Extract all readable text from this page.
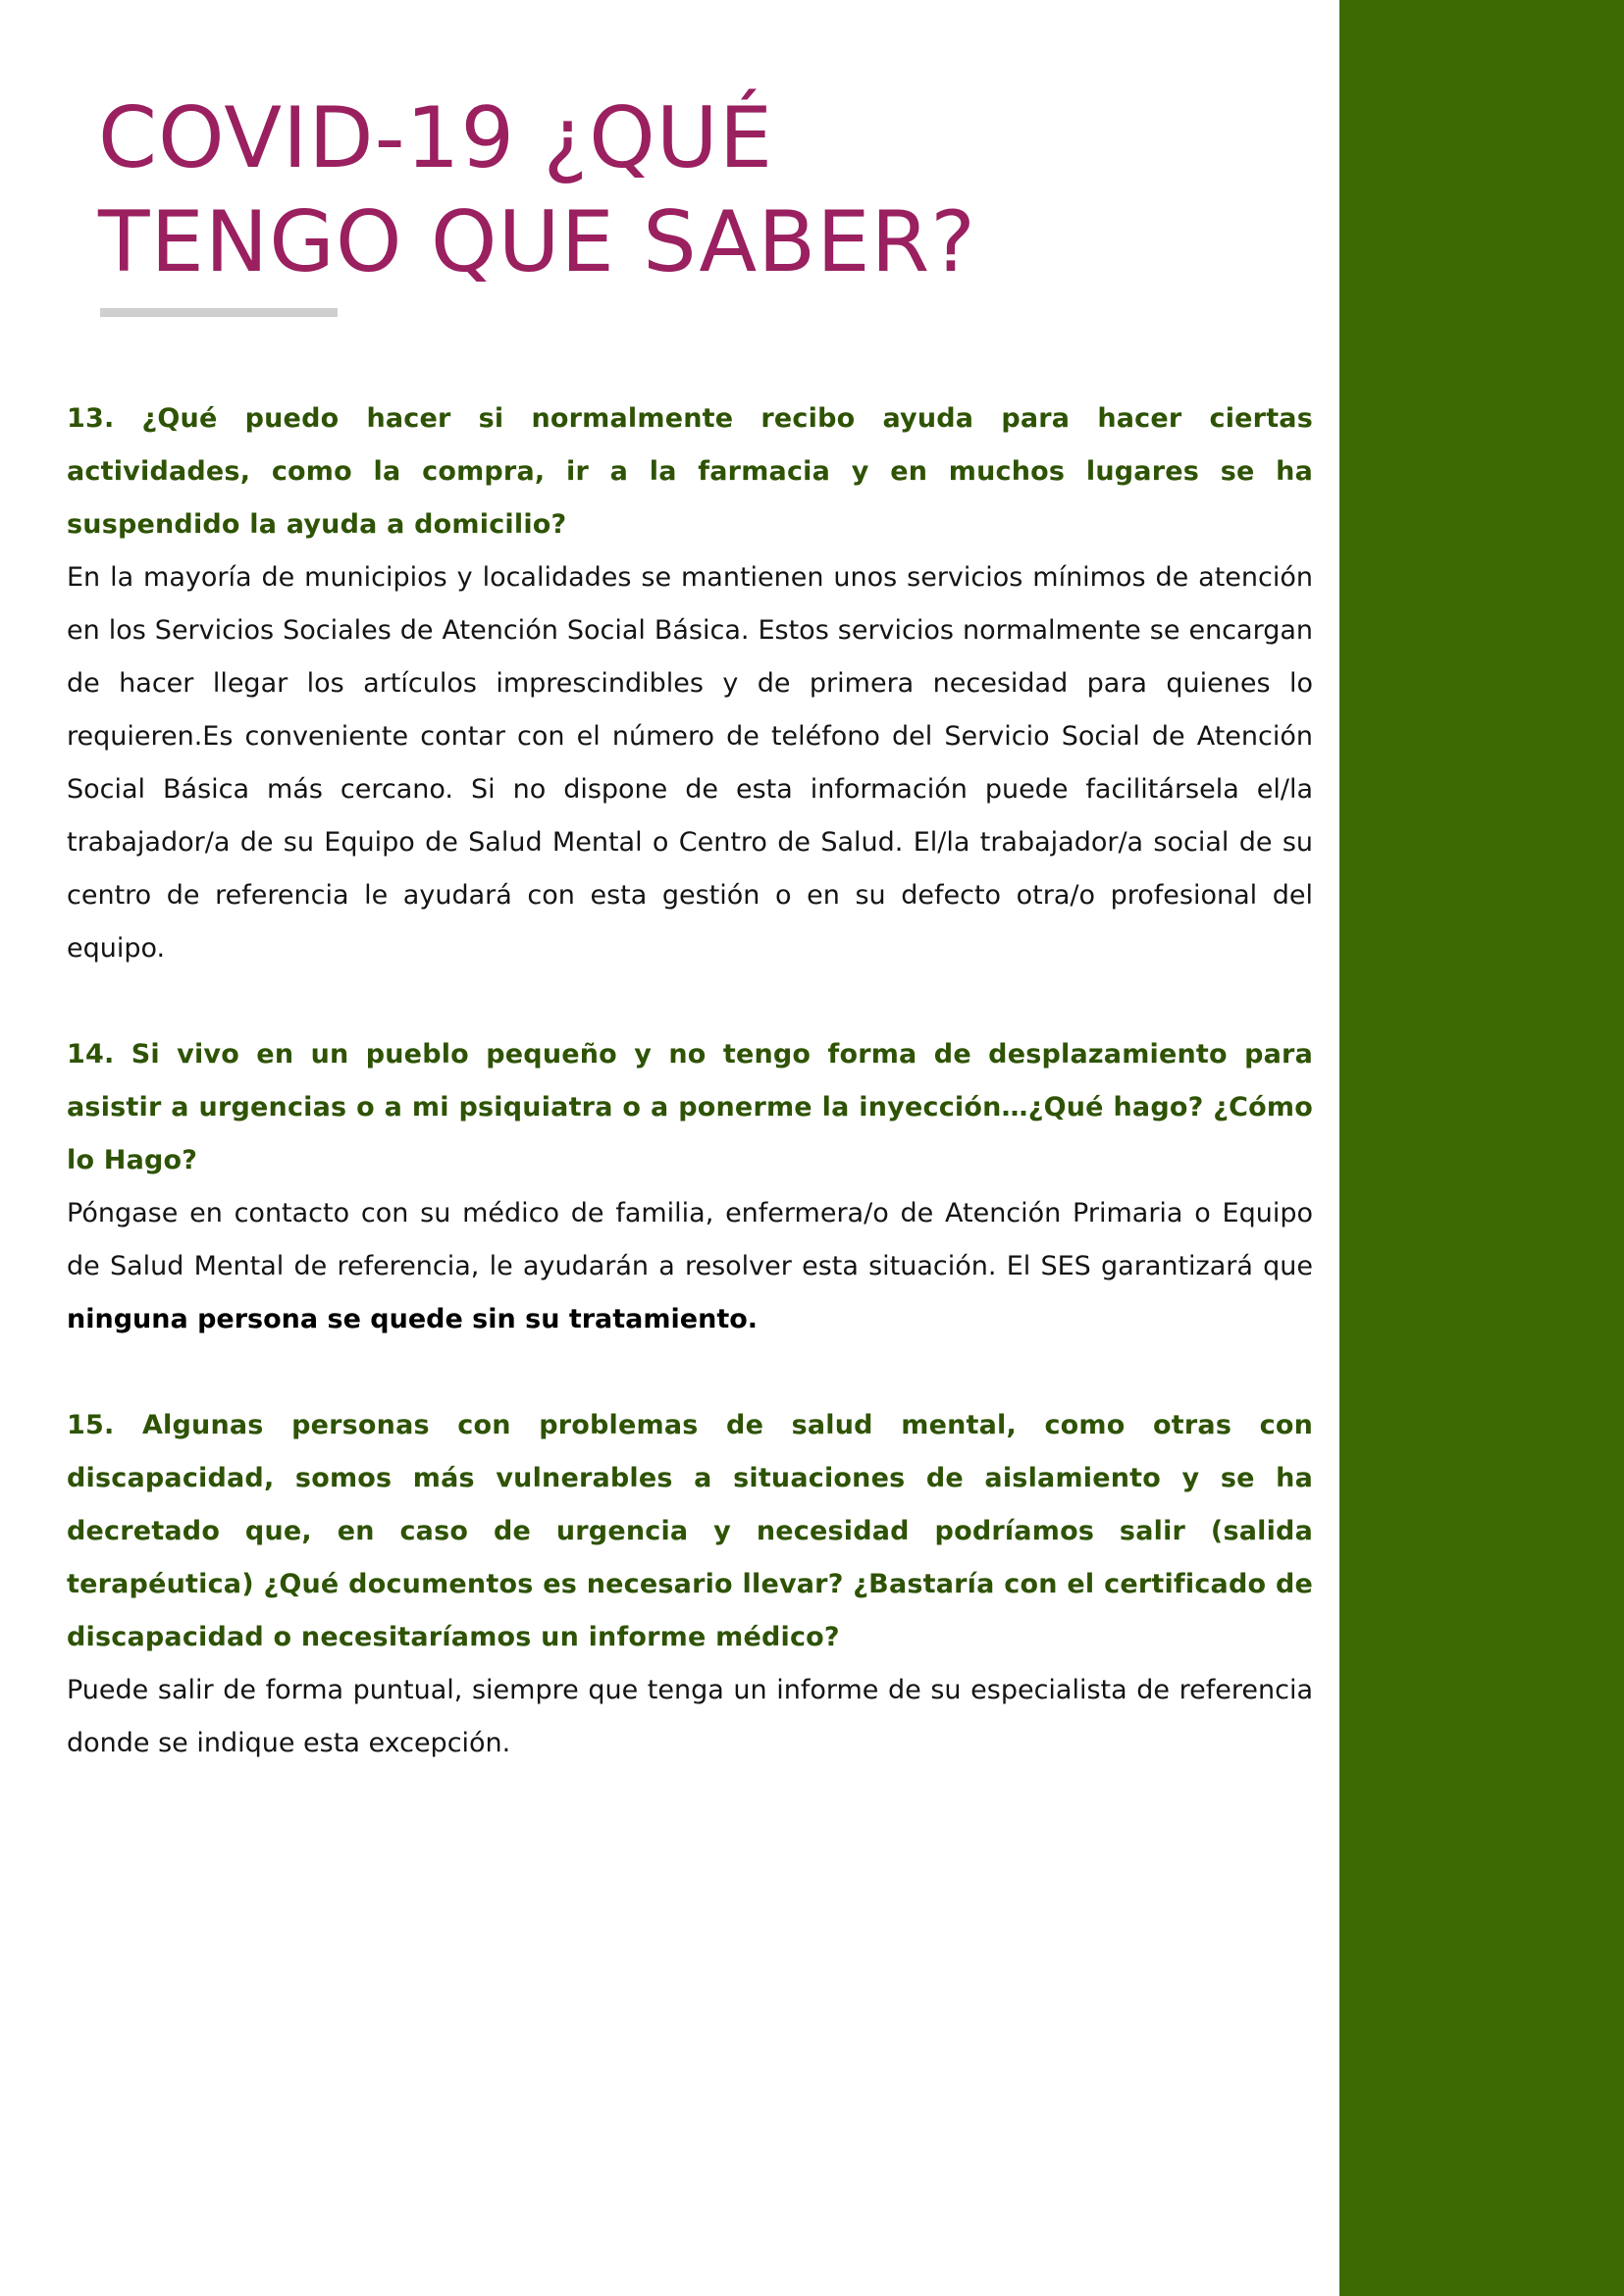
COVID-19 ¿QUÉ
TENGO QUE SABER?

13. ¿Qué puedo hacer si normalmente recibo ayuda para hacer ciertas actividades, como la compra, ir a la farmacia y en muchos lugares se ha suspendido la ayuda a domicilio?

En la mayoría de municipios y localidades se mantienen unos servicios mínimos de atención en los Servicios Sociales de Atención Social Básica. Estos servicios normalmente se encargan de hacer llegar los artículos imprescindibles y de primera necesidad para quienes lo requieren.Es conveniente contar con el número de teléfono del Servicio Social de Atención Social Básica más cercano. Si no dispone de esta información puede facilitársela el/la trabajador/a de su Equipo de Salud Mental o Centro de Salud. El/la trabajador/a social de su centro de referencia le ayudará con esta gestión o en su defecto otra/o profesional del equipo.

14. Si vivo en un pueblo pequeño y no tengo forma de desplazamiento para asistir a urgencias o a mi psiquiatra o a ponerme la inyección…¿Qué hago? ¿Cómo lo Hago?

Póngase en contacto con su médico de familia, enfermera/o de Atención Primaria o Equipo de Salud Mental de referencia, le ayudarán a resolver esta situación. El SES garantizará que ninguna persona se quede sin su tratamiento.

15. Algunas personas con problemas de salud mental, como otras con discapacidad, somos más vulnerables a situaciones de aislamiento y se ha decretado que, en caso de urgencia y necesidad podríamos salir (salida terapéutica) ¿Qué documentos es necesario llevar? ¿Bastaría con el certificado de discapacidad o necesitaríamos un informe médico?

Puede salir de forma puntual, siempre que tenga un informe de su especialista de referencia donde se indique esta excepción.
